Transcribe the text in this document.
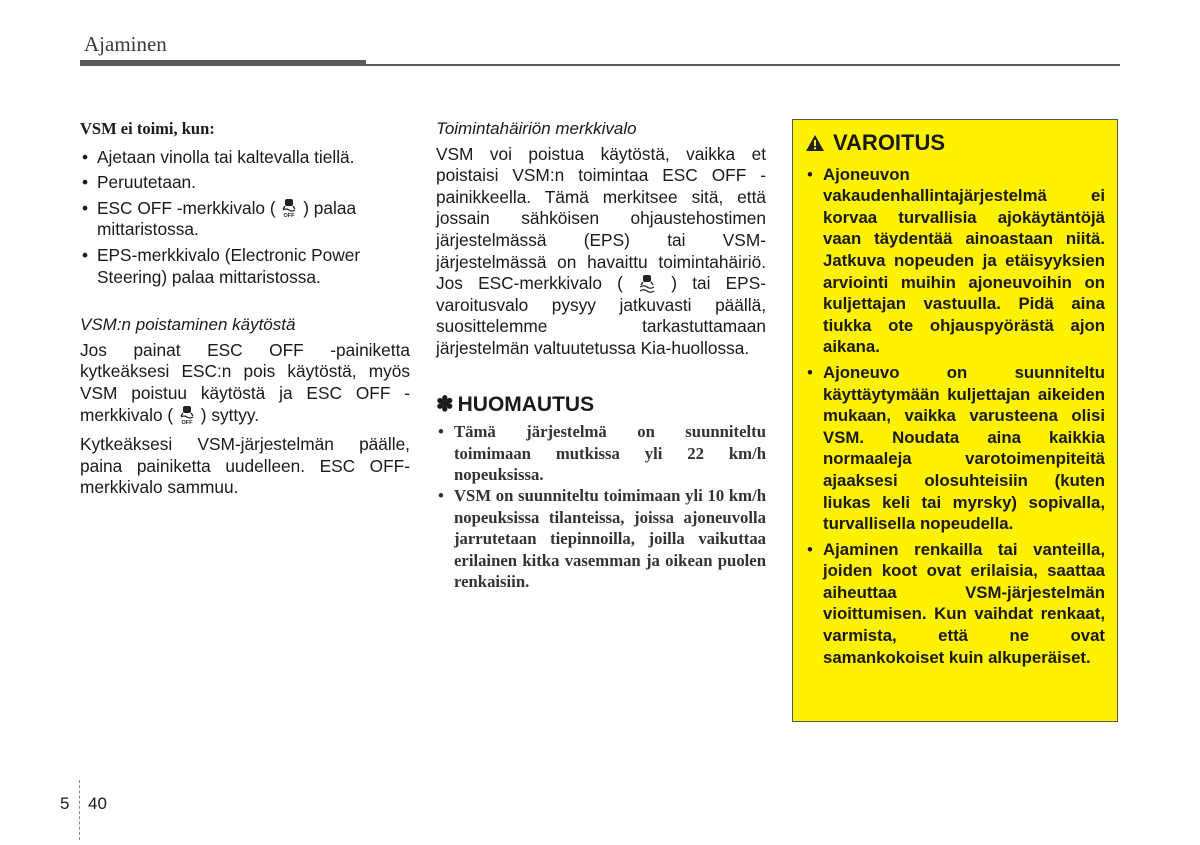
Ajaminen
VSM ei toimi, kun:
• Ajetaan vinolla tai kaltevalla tiellä.
• Peruutetaan.
• ESC OFF -merkkivalo ( OFF ) palaa mittaristossa.
• EPS-merkkivalo (Electronic Power Steering) palaa mittaristossa.
VSM:n poistaminen käytöstä

Jos painat ESC OFF -painiketta kytkeäksesi ESC:n pois käytöstä, myös VSM poistuu käytöstä ja ESC OFF -merkkivalo ( OFF ) syttyy.

Kytkeäksesi VSM-järjestelmän päälle, paina painiketta uudelleen. ESC OFF-merkkivalo sammuu.

Toimintahäiriön merkkivalo

VSM voi poistua käytöstä, vaikka et poistaisi VSM:n toimintaa ESC OFF -painikkeella. Tämä merkitsee sitä, että jossain sähköisen ohjaustehostimen järjestelmässä (EPS) tai VSM-järjestelmässä on havaittu toimintahäiriö. Jos ESC-merkkivalo (	) tai EPS-varoitusvalo pysyy jatkuvasti päällä, suosittelemme tarkastuttamaan järjestelmän valtuutetussa Kia-huollossa.

✽ HUOMAUTUS
• Tämä järjestelmä on suunniteltu toimimaan mutkissa yli 22 km/h nopeuksissa.
• VSM on suunniteltu toimimaan yli 10 km/h nopeuksissa tilanteissa, joissa ajoneuvolla jarrutetaan tiepinnoilla, joilla vaikuttaa erilainen kitka vasemman ja oikean puolen renkaisiin.
VAROITUS
• Ajoneuvon vakaudenhallintajärjestelmä ei korvaa turvallisia ajokäytäntöjä vaan täydentää ainoastaan niitä. Jatkuva nopeuden ja etäisyyksien arviointi muihin ajoneuvoihin on kuljettajan vastuulla. Pidä aina tiukka ote ohjauspyörästä ajon aikana.
• Ajoneuvo on suunniteltu käyttäytymään kuljettajan aikeiden mukaan, vaikka varusteena olisi VSM. Noudata aina kaikkia normaaleja varotoimenpiteitä ajaaksesi olosuhteisiin (kuten liukas keli tai myrsky) sopivalla, turvallisella nopeudella.
• Ajaminen renkailla tai vanteilla, joiden koot ovat erilaisia, saattaa aiheuttaa VSM-järjestelmän vioittumisen. Kun vaihdat renkaat, varmista, että ne ovat samankokoiset kuin alkuperäiset.
5 40
